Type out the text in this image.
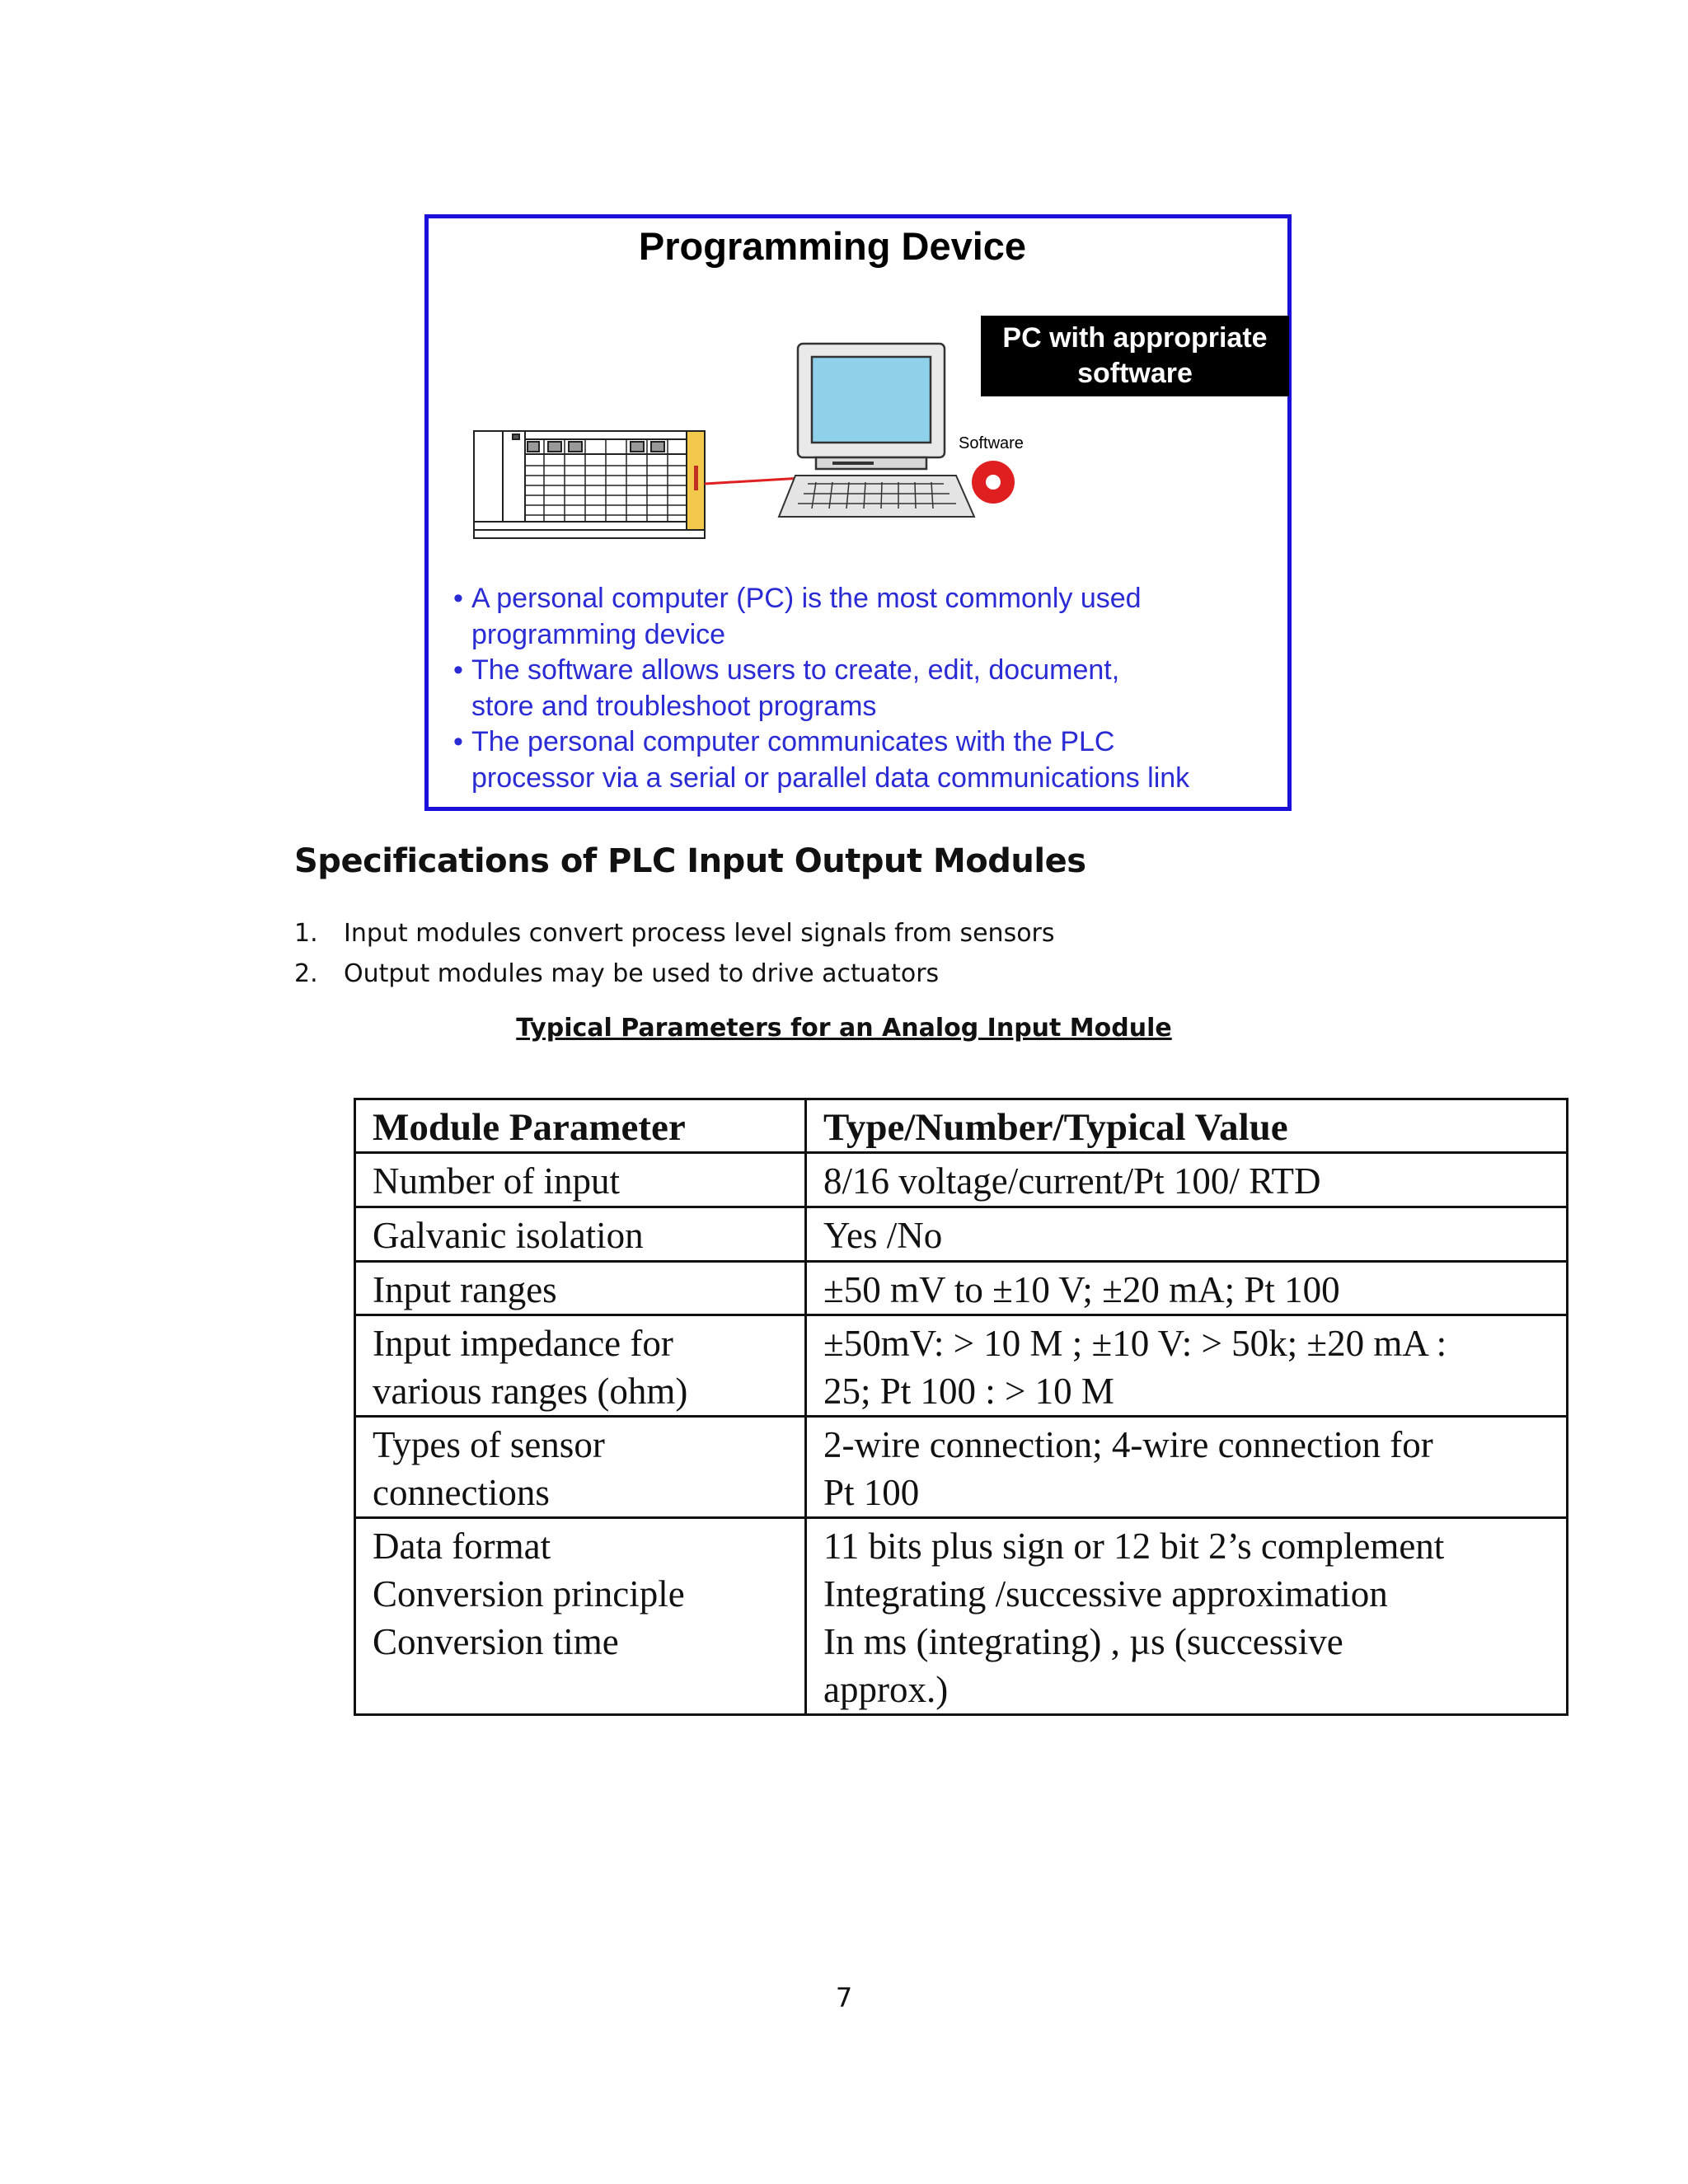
Programming Device
PC with appropriate
software
Software
• A personal computer (PC) is the most commonly used
programming device
• The software allows users to create, edit, document,
store and troubleshoot programs
• The personal computer communicates with the PLC
processor via a serial or parallel data communications link
Specifications of PLC Input Output Modules
1. Input modules convert process level signals from sensors
2. Output modules may be used to drive actuators
Typical Parameters for an Analog Input Module
Module Parameter	Type/Number/Typical Value

Number of input	8/16 voltage/current/Pt 100/ RTD

Galvanic isolation	Yes /No

Input ranges	±50 mV to ±10 V; ±20 mA; Pt 100

Input impedance for
various ranges (ohm)	±50mV: > 10 M ; ±10 V: > 50k; ±20 mA :
25; Pt 100 : > 10 M

Types of sensor
connections	2-wire connection; 4-wire connection for
Pt 100

Data format
Conversion principle
Conversion time	11 bits plus sign or 12 bit 2’s complement
Integrating /successive approximation
In ms (integrating) , µs (successive
approx.)
7
